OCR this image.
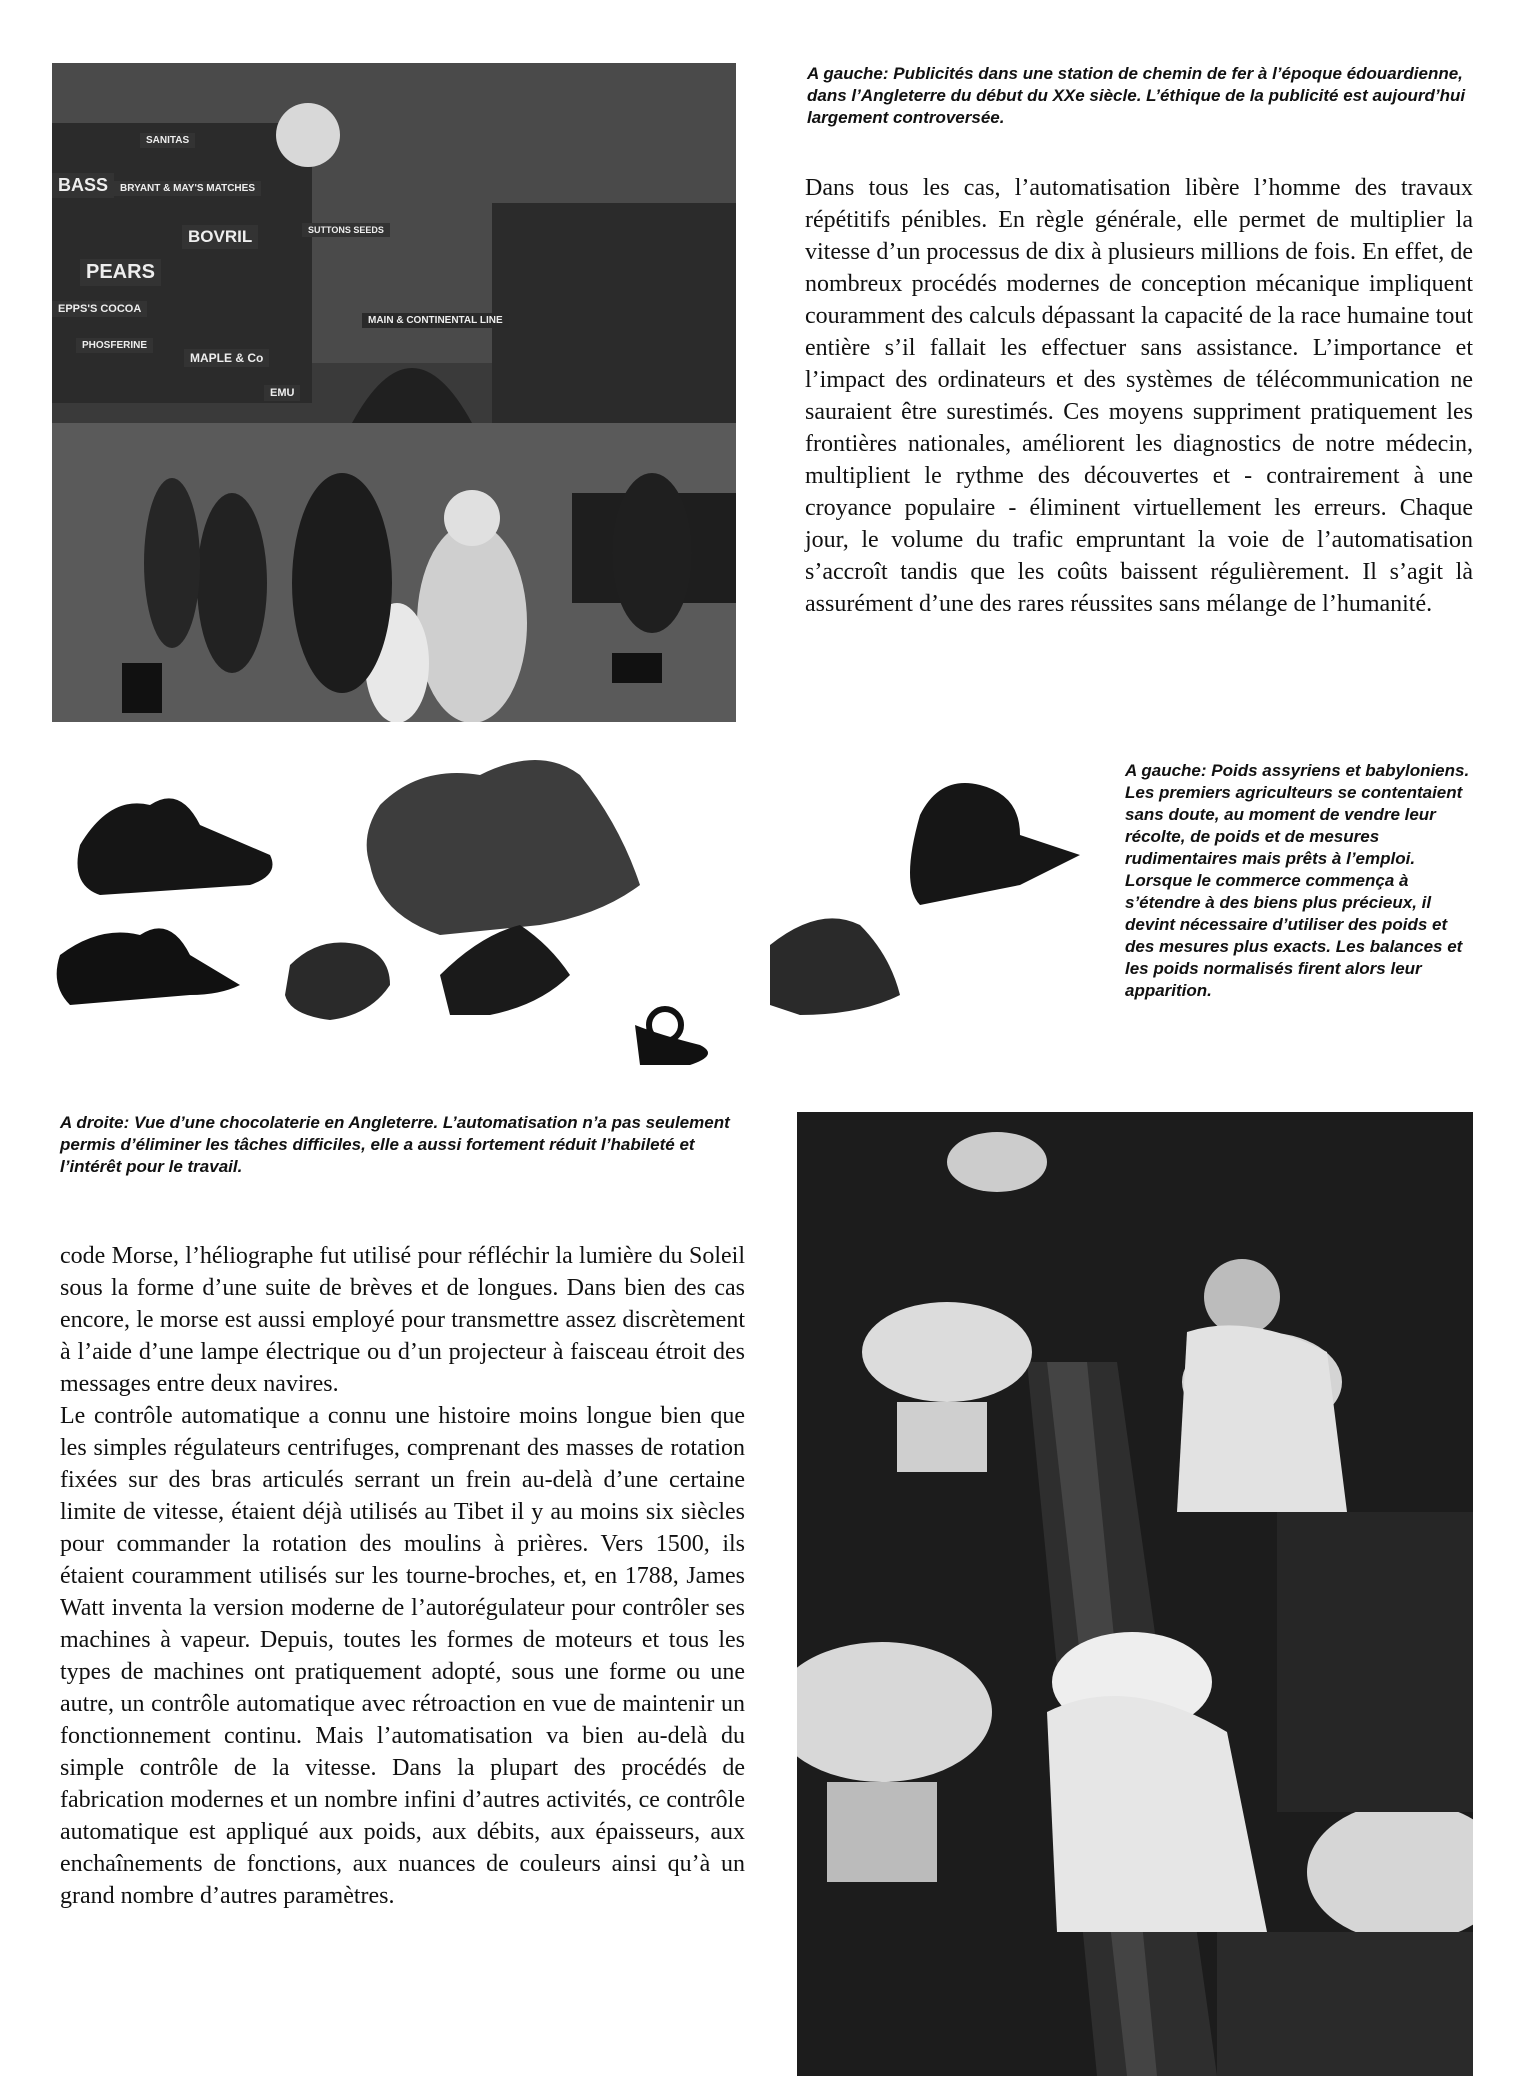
BOVRIL
PEARS
BRYANT & MAY'S MATCHES
MAIN & CONTINENTAL LINE
MAPLE & Co
SANITAS
EPPS'S COCOA
PHOSFERINE
SUTTONS SEEDS
BASS
EMU
A gauche: Publicités dans une station de chemin de fer à l’époque édouardienne, dans l’Angleterre du début du XXe siècle. L’éthique de la publicité est aujourd’hui largement controversée.

Dans tous les cas, l’automatisation libère l’homme des travaux répétitifs pénibles. En règle générale, elle permet de multiplier la vitesse d’un processus de dix à plusieurs millions de fois. En effet, de nombreux procédés modernes de conception mécanique impliquent couramment des calculs dépassant la capacité de la race humaine tout entière s’il fallait les effectuer sans assistance. L’importance et l’impact des ordinateurs et des systèmes de télécommunication ne sauraient être surestimés. Ces moyens suppriment pratiquement les frontières nationales, améliorent les diagnostics de notre médecin, multiplient le rythme des découvertes et - contrairement à une croyance populaire - éliminent virtuellement les erreurs. Chaque jour, le volume du trafic empruntant la voie de l’automatisation s’accroît tandis que les coûts baissent régulièrement. Il s’agit là assurément d’une des rares réussites sans mélange de l’humanité.

A gauche: Poids assyriens et babyloniens. Les premiers agriculteurs se contentaient sans doute, au moment de vendre leur récolte, de poids et de mesures rudimentaires mais prêts à l’emploi. Lorsque le commerce commença à s’étendre à des biens plus précieux, il devint nécessaire d’utiliser des poids et des mesures plus exacts. Les balances et les poids normalisés firent alors leur apparition.
A droite: Vue d’une chocolaterie en Angleterre. L’automatisation n’a pas seulement permis d’éliminer les tâches difficiles, elle a aussi fortement réduit l’habileté et l’intérêt pour le travail.

code Morse, l’héliographe fut utilisé pour réfléchir la lumière du Soleil sous la forme d’une suite de brèves et de longues. Dans bien des cas encore, le morse est aussi employé pour transmettre assez discrètement à l’aide d’une lampe électrique ou d’un projecteur à faisceau étroit des messages entre deux navires.

Le contrôle automatique a connu une histoire moins longue bien que les simples régulateurs centrifuges, comprenant des masses de rotation fixées sur des bras articulés serrant un frein au-delà d’une certaine limite de vitesse, étaient déjà utilisés au Tibet il y au moins six siècles pour commander la rotation des moulins à prières. Vers 1500, ils étaient couramment utilisés sur les tourne-broches, et, en 1788, James Watt inventa la version moderne de l’autorégulateur pour contrôler ses machines à vapeur. Depuis, toutes les formes de moteurs et tous les types de machines ont pratiquement adopté, sous une forme ou une autre, un contrôle automatique avec rétroaction en vue de maintenir un fonctionnement continu. Mais l’automatisation va bien au-delà du simple contrôle de la vitesse. Dans la plupart des procédés de fabrication modernes et un nombre infini d’autres activités, ce contrôle automatique est appliqué aux poids, aux débits, aux épaisseurs, aux enchaînements de fonctions, aux nuances de couleurs ainsi qu’à un grand nombre d’autres paramètres.
